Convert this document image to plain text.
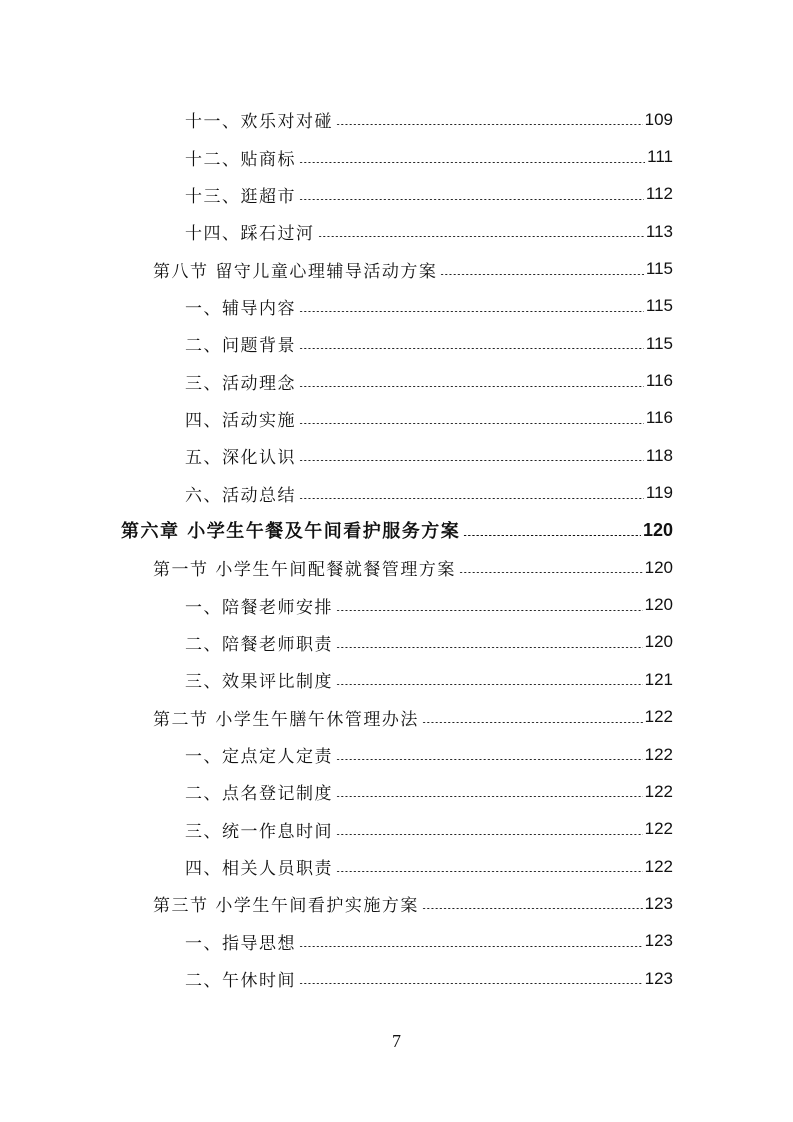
十一、欢乐对对碰	109
十二、贴商标	111
十三、逛超市	112
十四、踩石过河	113
第八节 留守儿童心理辅导活动方案	115
一、辅导内容	115
二、问题背景	115
三、活动理念	116
四、活动实施	116
五、深化认识	118
六、活动总结	119
第六章 小学生午餐及午间看护服务方案	120
第一节 小学生午间配餐就餐管理方案	120
一、陪餐老师安排	120
二、陪餐老师职责	120
三、效果评比制度	121
第二节 小学生午膳午休管理办法	122
一、定点定人定责	122
二、点名登记制度	122
三、统一作息时间	122
四、相关人员职责	122
第三节 小学生午间看护实施方案	123
一、指导思想	123
二、午休时间	123
7
